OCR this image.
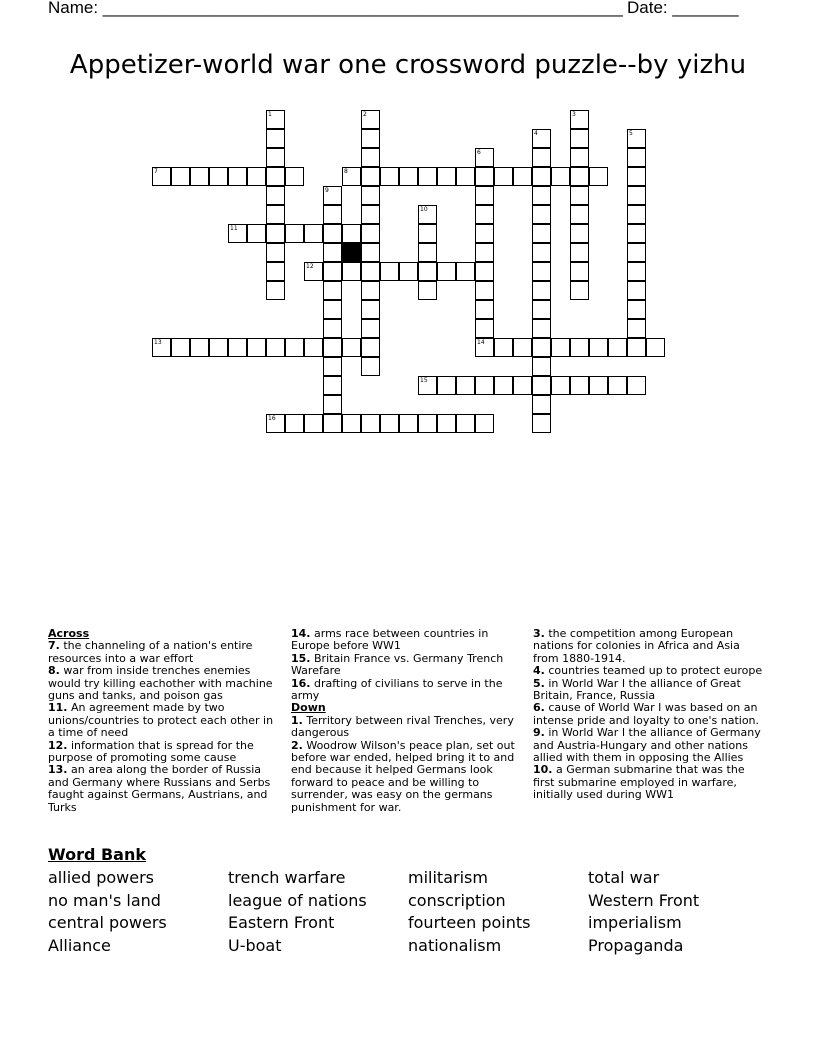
Name: _______________________________________________________ Date: _______
Appetizer-world war one crossword puzzle--by yizhu
1	2	3
4	5
6
7	8
9
10
11
12
13	14
15
16
Across
7. the channeling of a nation's entire resources into a war effort
8. war from inside trenches enemies would try killing eachother with machine guns and tanks, and poison gas
11. An agreement made by two unions/countries to protect each other in a time of need
12. information that is spread for the purpose of promoting some cause
13. an area along the border of Russia and Germany where Russians and Serbs faught against Germans, Austrians, and Turks
14. arms race between countries in Europe before WW1
15. Britain France vs. Germany Trench Warefare
16. drafting of civilians to serve in the army
Down
1. Territory between rival Trenches, very dangerous
2. Woodrow Wilson's peace plan, set out before war ended, helped bring it to and end because it helped Germans look forward to peace and be willing to surrender, was easy on the germans punishment for war.
3. the competition among European nations for colonies in Africa and Asia from 1880-1914.
4. countries teamed up to protect europe
5. in World War I the alliance of Great Britain, France, Russia
6. cause of World War I was based on an intense pride and loyalty to one's nation.
9. in World War I the alliance of Germany and Austria-Hungary and other nations allied with them in opposing the Allies
10. a German submarine that was the first submarine employed in warfare, initially used during WW1
Word Bank
allied powers
no man's land
central powers
Alliance
trench warfare
league of nations
Eastern Front
U-boat
militarism
conscription
fourteen points
nationalism
total war
Western Front
imperialism
Propaganda
